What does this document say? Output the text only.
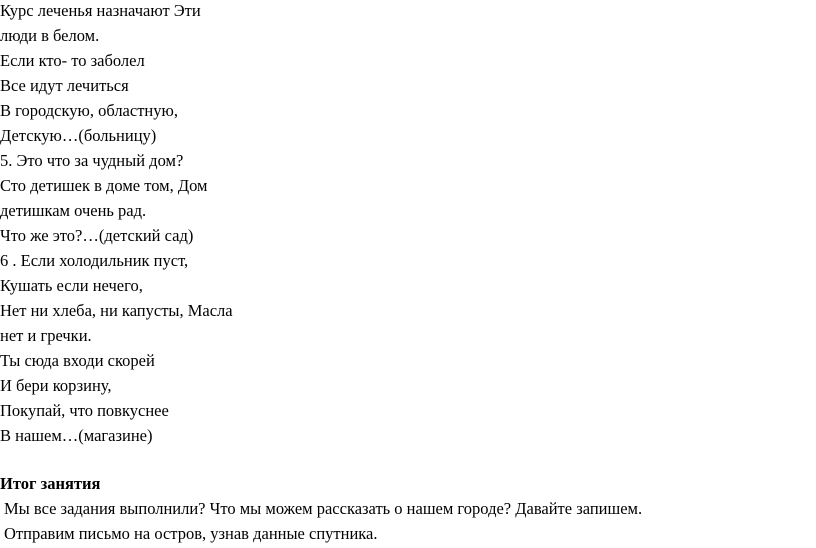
Курс леченья назначают Эти

люди в белом.

Если кто- то заболел

Все идут лечиться

В городскую, областную,

Детскую…(больницу)

5. Это что за чудный дом?

Сто детишек в доме том, Дом

детишкам очень рад.

Что же это?…(детский сад)

6 . Если холодильник пуст,

Кушать если нечего,

Нет ни хлеба, ни капусты, Масла

нет и гречки.

Ты сюда входи скорей

И бери корзину,

Покупай, что повкуснее

В нашем…(магазине)

Итог занятия

Мы все задания выполнили? Что мы можем рассказать о нашем городе? Давайте запишем.

Отправим письмо на остров, узнав данные спутника.
